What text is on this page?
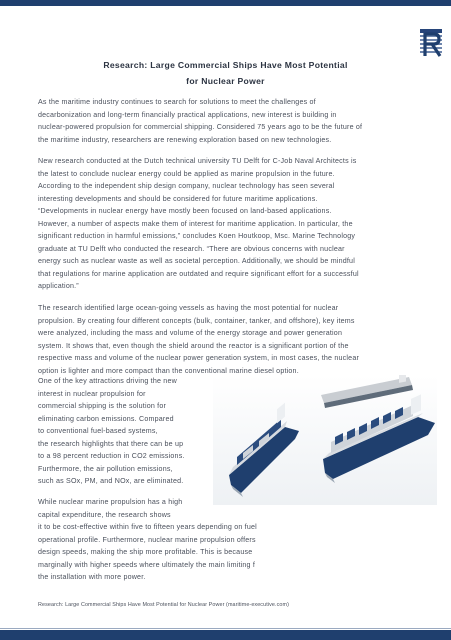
Research: Large Commercial Ships Have Most Potential
for Nuclear Power

As the maritime industry continues to search for solutions to meet the challenges of
decarbonization and long-term financially practical applications, new interest is building in
nuclear-powered propulsion for commercial shipping. Considered 75 years ago to be the future of
the maritime industry, researchers are renewing exploration based on new technologies.

New research conducted at the Dutch technical university TU Delft for C-Job Naval Architects is
the latest to conclude nuclear energy could be applied as marine propulsion in the future.
According to the independent ship design company, nuclear technology has seen several
interesting developments and should be considered for future maritime applications.
“Developments in nuclear energy have mostly been focused on land-based applications.
However, a number of aspects make them of interest for maritime application. In particular, the
significant reduction in harmful emissions,” concludes Koen Houtkoop, Msc. Marine Technology
graduate at TU Delft who conducted the research. “There are obvious concerns with nuclear
energy such as nuclear waste as well as societal perception. Additionally, we should be mindful
that regulations for marine application are outdated and require significant effort for a successful
application.”

The research identified large ocean-going vessels as having the most potential for nuclear
propulsion. By creating four different concepts (bulk, container, tanker, and offshore), key items
were analyzed, including the mass and volume of the energy storage and power generation
system. It shows that, even though the shield around the reactor is a significant portion of the
respective mass and volume of the nuclear power generation system, in most cases, the nuclear
option is lighter and more compact than the conventional marine diesel option.

One of the key attractions driving the new
interest in nuclear propulsion for
commercial shipping is the solution for
eliminating carbon emissions. Compared
to conventional fuel-based systems,
the research highlights that there can be up
to a 98 percent reduction in CO2 emissions.
Furthermore, the air pollution emissions,
such as SOx, PM, and NOx, are eliminated.

While nuclear marine propulsion has a high
capital expenditure, the research shows
it to be cost-effective within five to fifteen years depending on fuel
operational profile. Furthermore, nuclear marine propulsion offers
design speeds, making the ship more profitable. This is because
marginally with higher speeds where ultimately the main limiting f
the installation with more power.

Research: Large Commercial Ships Have Most Potential for Nuclear Power (maritime-executive.com)
